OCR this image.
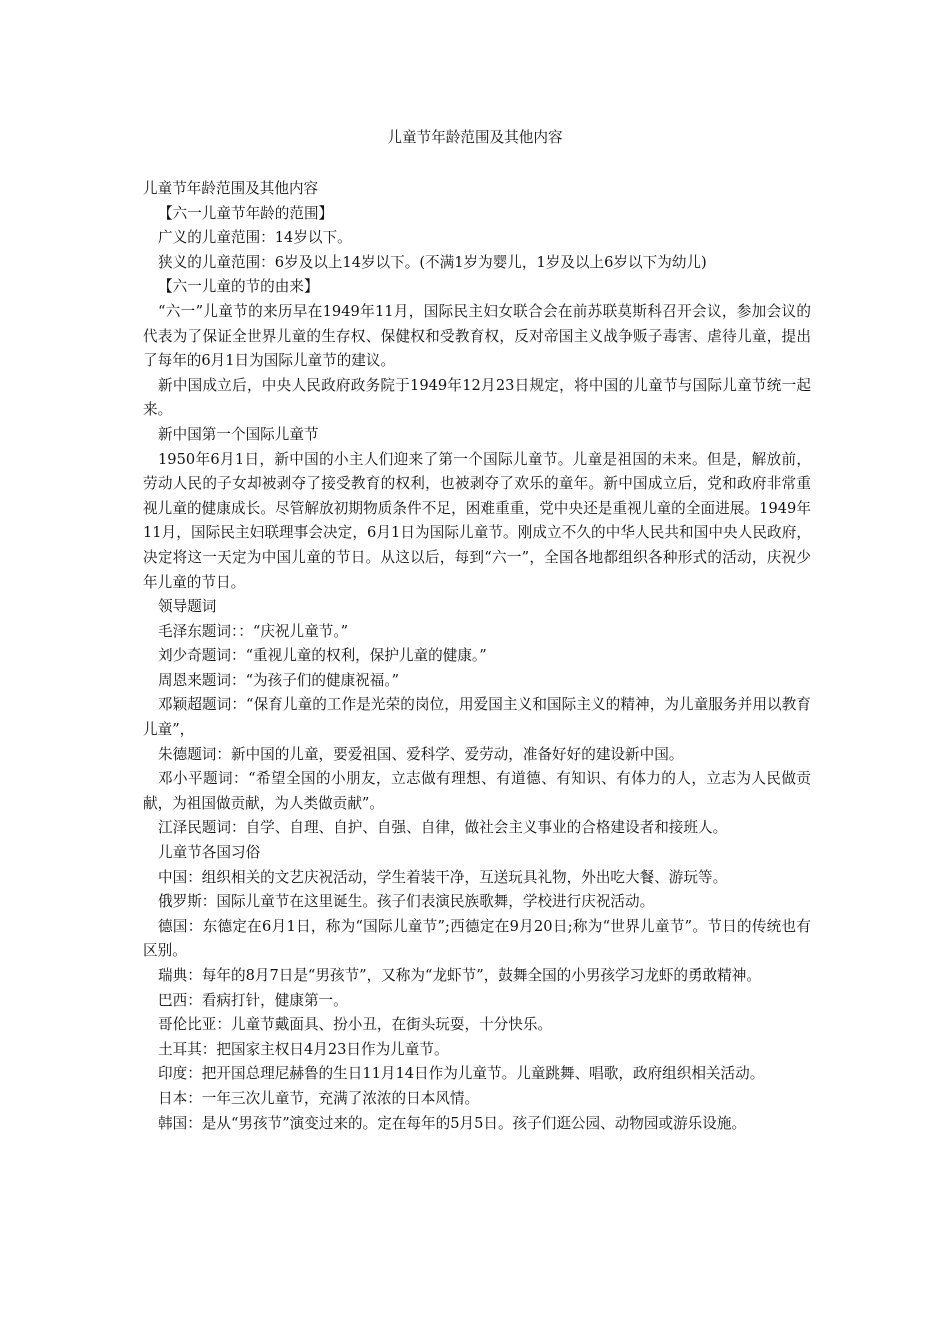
儿童节年龄范围及其他内容

儿童节年龄范围及其他内容

【六一儿童节年龄的范围】

广义的儿童范围：14岁以下。

狭义的儿童范围：6岁及以上14岁以下。(不满1岁为婴儿，1岁及以上6岁以下为幼儿)

【六一儿童的节的由来】

“六一”儿童节的来历早在1949年11月，国际民主妇女联合会在前苏联莫斯科召开会议，参加会议的代表为了保证全世界儿童的生存权、保健权和受教育权，反对帝国主义战争贩子毒害、虐待儿童，提出了每年的6月1日为国际儿童节的建议。

新中国成立后，中央人民政府政务院于1949年12月23日规定，将中国的儿童节与国际儿童节统一起来。

新中国第一个国际儿童节

1950年6月1日，新中国的小主人们迎来了第一个国际儿童节。儿童是祖国的未来。但是，解放前，劳动人民的子女却被剥夺了接受教育的权利，也被剥夺了欢乐的童年。新中国成立后，党和政府非常重视儿童的健康成长。尽管解放初期物质条件不足，困难重重，党中央还是重视儿童的全面进展。1949年11月，国际民主妇联理事会决定，6月1日为国际儿童节。刚成立不久的中华人民共和国中央人民政府，决定将这一天定为中国儿童的节日。从这以后，每到“六一”，全国各地都组织各种形式的活动，庆祝少年儿童的节日。

领导题词

毛泽东题词：：“庆祝儿童节。”

刘少奇题词：“重视儿童的权利，保护儿童的健康。”

周恩来题词：“为孩子们的健康祝福。”

邓颖超题词：“保育儿童的工作是光荣的岗位，用爱国主义和国际主义的精神，为儿童服务并用以教育儿童”，

朱德题词：新中国的儿童，要爱祖国、爱科学、爱劳动，准备好好的建设新中国。

邓小平题词：“希望全国的小朋友，立志做有理想、有道德、有知识、有体力的人，立志为人民做贡献，为祖国做贡献，为人类做贡献”。

江泽民题词：自学、自理、自护、自强、自律，做社会主义事业的合格建设者和接班人。

儿童节各国习俗

中国：组织相关的文艺庆祝活动，学生着装干净，互送玩具礼物，外出吃大餐、游玩等。

俄罗斯：国际儿童节在这里诞生。孩子们表演民族歌舞，学校进行庆祝活动。

德国：东德定在6月1日，称为“国际儿童节”;西德定在9月20日;称为“世界儿童节”。节日的传统也有区别。

瑞典：每年的8月7日是“男孩节”，又称为“龙虾节”，鼓舞全国的小男孩学习龙虾的勇敢精神。

巴西：看病打针，健康第一。

哥伦比亚：儿童节戴面具、扮小丑，在街头玩耍，十分快乐。

土耳其：把国家主权日4月23日作为儿童节。

印度：把开国总理尼赫鲁的生日11月14日作为儿童节。儿童跳舞、唱歌，政府组织相关活动。

日本：一年三次儿童节，充满了浓浓的日本风情。

韩国：是从“男孩节”演变过来的。定在每年的5月5日。孩子们逛公园、动物园或游乐设施。
